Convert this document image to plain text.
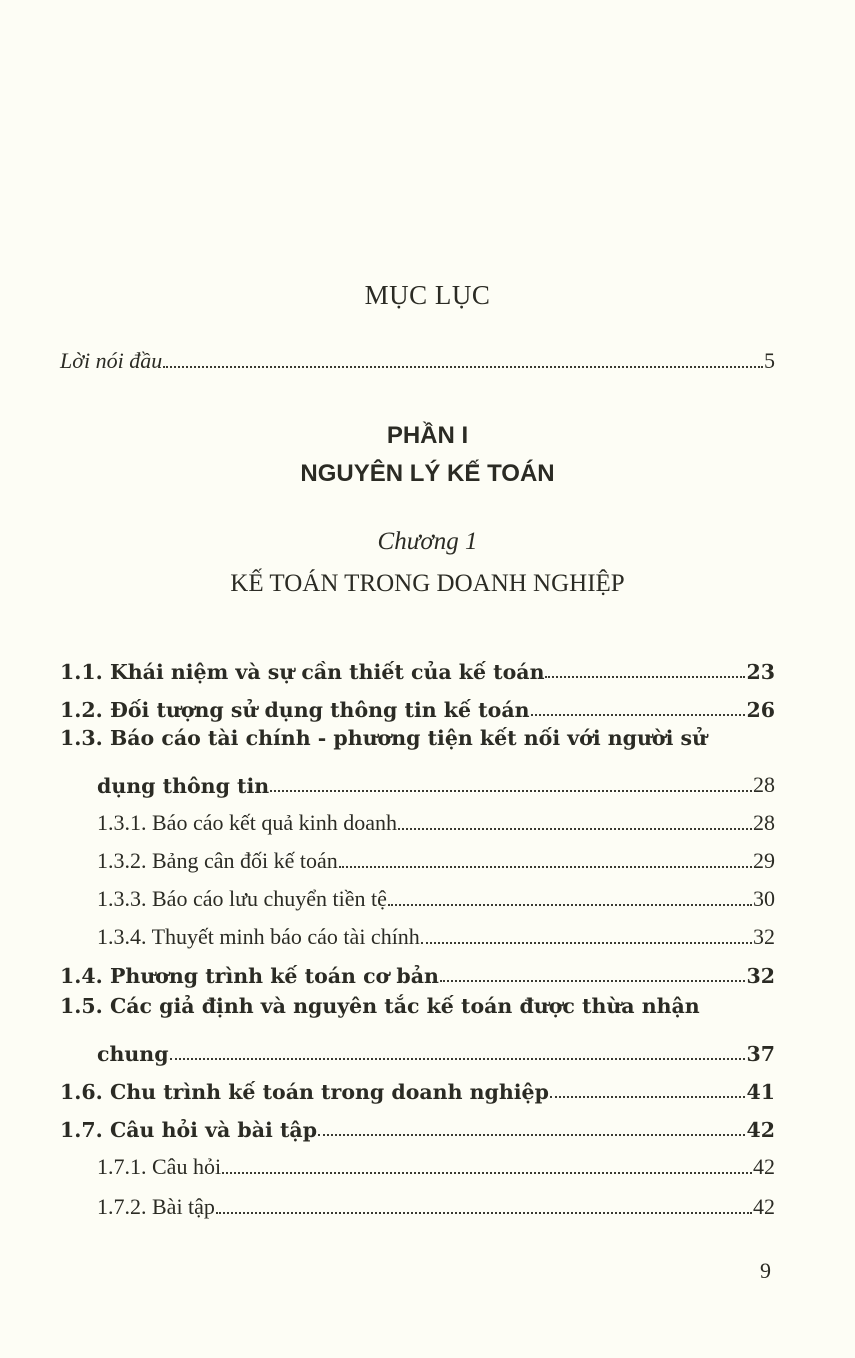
MỤC LỤC
Lời nói đầu	5
PHẦN I
NGUYÊN LÝ KẾ TOÁN
Chương 1
KẾ TOÁN TRONG DOANH NGHIỆP
1.1. Khái niệm và sự cần thiết của kế toán	23
1.2. Đối tượng sử dụng thông tin kế toán	26
1.3. Báo cáo tài chính - phương tiện kết nối với người sử
dụng thông tin	28
1.3.1. Báo cáo kết quả kinh doanh	28
1.3.2. Bảng cân đối kế toán	29
1.3.3. Báo cáo lưu chuyển tiền tệ	30
1.3.4. Thuyết minh báo cáo tài chính	32
1.4. Phương trình kế toán cơ bản	32
1.5. Các giả định và nguyên tắc kế toán được thừa nhận
chung	37
1.6. Chu trình kế toán trong doanh nghiệp	41
1.7. Câu hỏi và bài tập	42
1.7.1. Câu hỏi	42
1.7.2. Bài tập	42
9
